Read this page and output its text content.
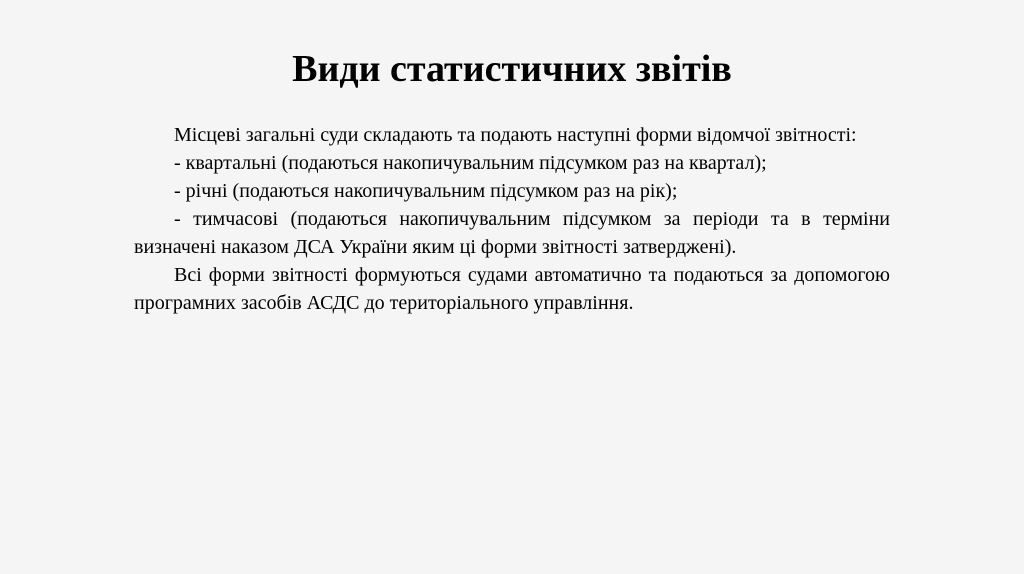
Види статистичних звітів

Місцеві загальні суди складають та подають наступні форми відомчої звітності:

- квартальні (подаються накопичувальним підсумком раз на квартал);

- річні (подаються накопичувальним підсумком раз на рік);

- тимчасові (подаються накопичувальним підсумком за періоди та в терміни визначені наказом ДСА України яким ці форми звітності затверджені).

Всі форми звітності формуються судами автоматично та подаються за допомогою програмних засобів АСДС до територіального управління.
